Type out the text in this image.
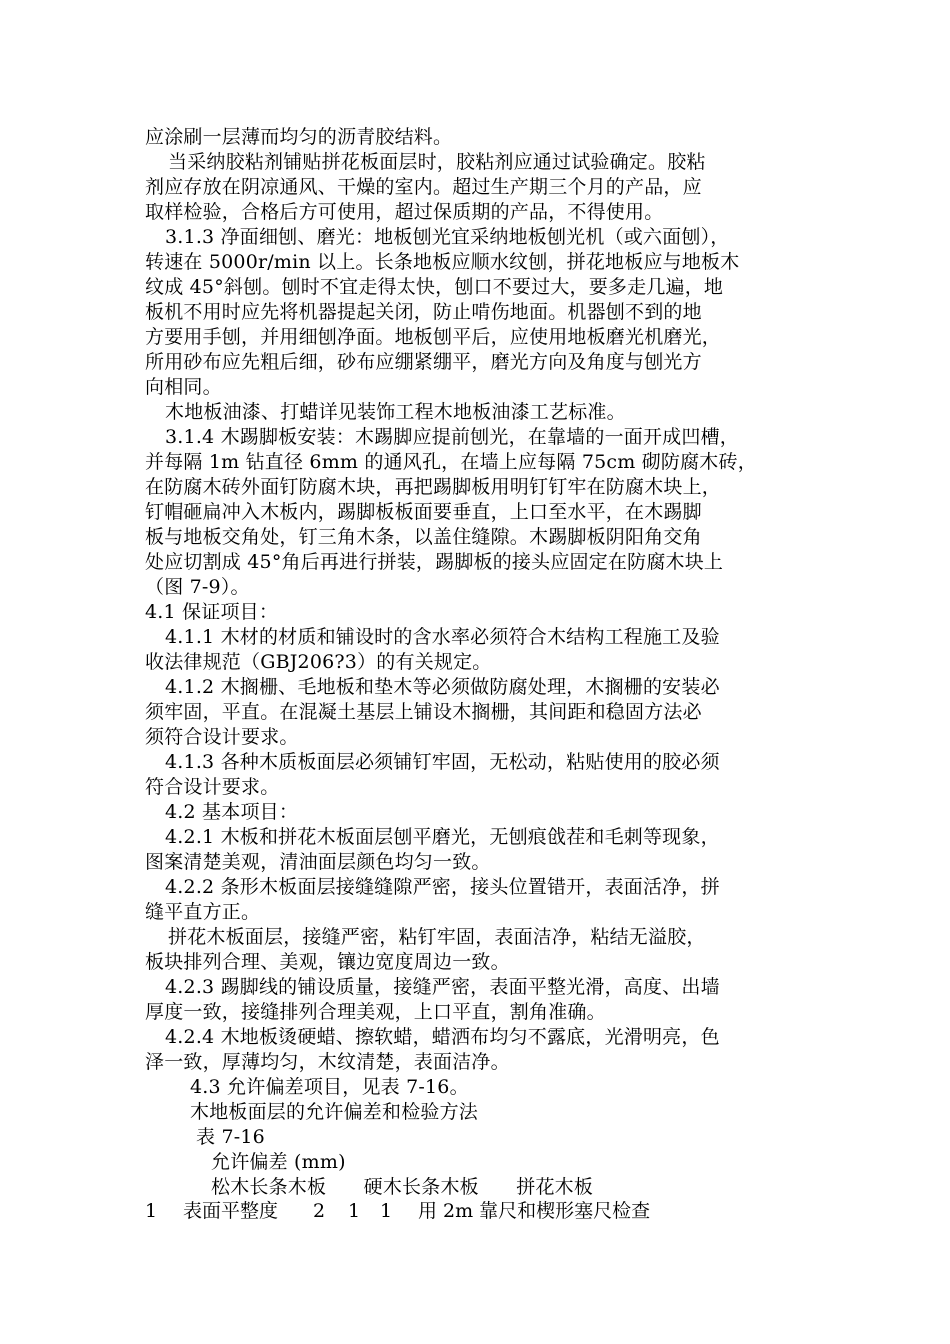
应涂刷一层薄而均匀的沥青胶结料。
当采纳胶粘剂铺贴拼花板面层时，胶粘剂应通过试验确定。胶粘
剂应存放在阴凉通风、干燥的室内。超过生产期三个月的产品，应
取样检验，合格后方可使用，超过保质期的产品，不得使用。
3.1.3 净面细刨、磨光：地板刨光宜采纳地板刨光机（或六面刨），
转速在 5000r/min 以上。长条地板应顺水纹刨，拼花地板应与地板木
纹成 45°斜刨。刨时不宜走得太快，刨口不要过大，要多走几遍，地
板机不用时应先将机器提起关闭，防止啃伤地面。机器刨不到的地
方要用手刨，并用细刨净面。地板刨平后，应使用地板磨光机磨光，
所用砂布应先粗后细，砂布应绷紧绷平，磨光方向及角度与刨光方
向相同。
木地板油漆、打蜡详见装饰工程木地板油漆工艺标准。
3.1.4 木踢脚板安装：木踢脚应提前刨光，在靠墙的一面开成凹槽，
并每隔 1m 钻直径 6mm 的通风孔，在墙上应每隔 75cm 砌防腐木砖，
在防腐木砖外面钉防腐木块，再把踢脚板用明钉钉牢在防腐木块上，
钉帽砸扁冲入木板内，踢脚板板面要垂直，上口至水平，在木踢脚
板与地板交角处，钉三角木条，以盖住缝隙。木踢脚板阴阳角交角
处应切割成 45°角后再进行拼装，踢脚板的接头应固定在防腐木块上
（图 7-9）。
4.1 保证项目：
4.1.1 木材的材质和铺设时的含水率必须符合木结构工程施工及验
收法律规范（GBJ206?3）的有关规定。
4.1.2 木搁栅、毛地板和垫木等必须做防腐处理，木搁栅的安装必
须牢固，平直。在混凝土基层上铺设木搁栅，其间距和稳固方法必
须符合设计要求。
4.1.3 各种木质板面层必须铺钉牢固，无松动，粘贴使用的胶必须
符合设计要求。
4.2 基本项目：
4.2.1 木板和拼花木板面层刨平磨光，无刨痕戗茬和毛刺等现象，
图案清楚美观，清油面层颜色均匀一致。
4.2.2 条形木板面层接缝缝隙严密，接头位置错开，表面活净，拼
缝平直方正。
拼花木板面层，接缝严密，粘钉牢固，表面洁净，粘结无溢胶，
板块排列合理、美观，镶边宽度周边一致。
4.2.3 踢脚线的铺设质量，接缝严密，表面平整光滑，高度、出墙
厚度一致，接缝排列合理美观，上口平直，割角准确。
4.2.4 木地板烫硬蜡、擦软蜡，蜡洒布均匀不露底，光滑明亮，色
泽一致，厚薄均匀，木纹清楚，表面洁净。
4.3 允许偏差项目，见表 7-16。
木地板面层的允许偏差和检验方法
表 7-16
允许偏差 (mm)
松木长条木板      硬木长条木板      拼花木板
1 表面平整度 2 1 1 用 2m 靠尺和楔形塞尺检查
